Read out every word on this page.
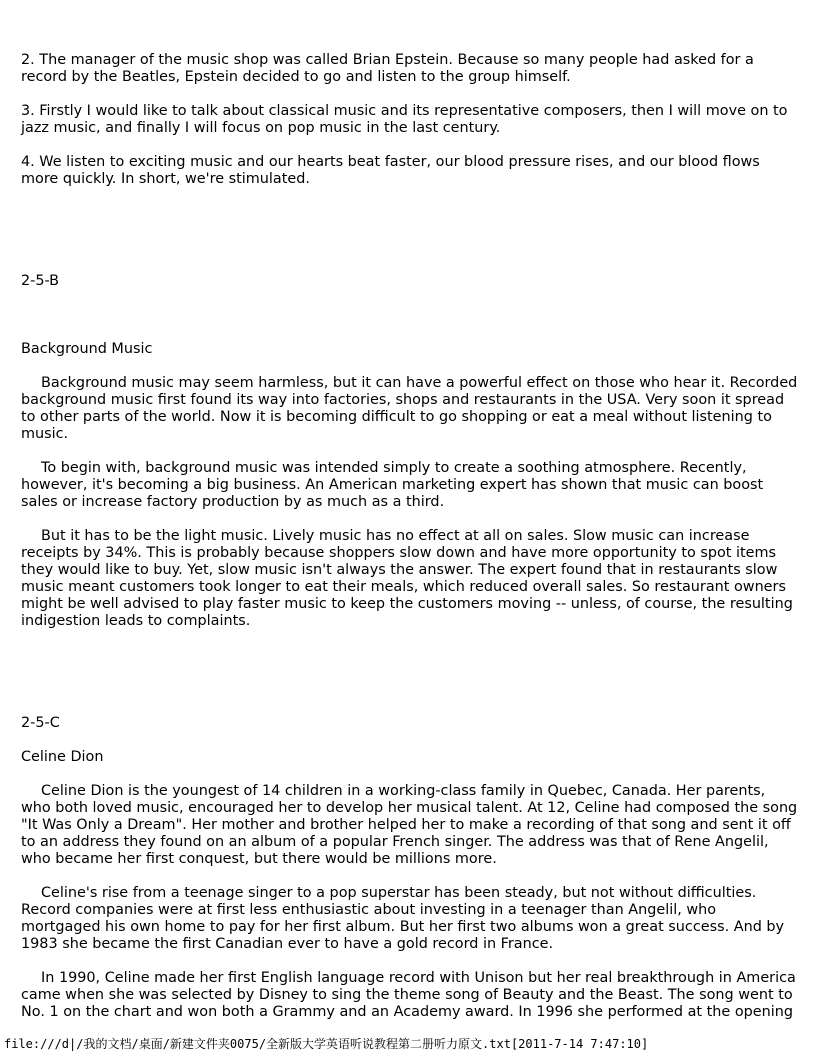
2. The manager of the music shop was called Brian Epstein. Because so many people had asked for a record by the Beatles, Epstein decided to go and listen to the group himself.

3. Firstly I would like to talk about classical music and its representative composers, then I will move on to jazz music, and finally I will focus on pop music in the last century.

4. We listen to exciting music and our hearts beat faster, our blood pressure rises, and our blood flows more quickly. In short, we're stimulated.

2-5-B

Background Music

Background music may seem harmless, but it can have a powerful effect on those who hear it. Recorded background music first found its way into factories, shops and restaurants in the USA. Very soon it spread to other parts of the world. Now it is becoming difficult to go shopping or eat a meal without listening to music.

To begin with, background music was intended simply to create a soothing atmosphere. Recently, however, it's becoming a big business. An American marketing expert has shown that music can boost sales or increase factory production by as much as a third.

But it has to be the light music. Lively music has no effect at all on sales. Slow music can increase receipts by 34%. This is probably because shoppers slow down and have more opportunity to spot items they would like to buy. Yet, slow music isn't always the answer. The expert found that in restaurants slow music meant customers took longer to eat their meals, which reduced overall sales. So restaurant owners might be well advised to play faster music to keep the customers moving -- unless, of course, the resulting indigestion leads to complaints.

2-5-C

Celine Dion

Celine Dion is the youngest of 14 children in a working-class family in Quebec, Canada. Her parents, who both loved music, encouraged her to develop her musical talent. At 12, Celine had composed the song "It Was Only a Dream". Her mother and brother helped her to make a recording of that song and sent it off to an address they found on an album of a popular French singer. The address was that of Rene Angelil, who became her first conquest, but there would be millions more.

Celine's rise from a teenage singer to a pop superstar has been steady, but not without difficulties. Record companies were at first less enthusiastic about investing in a teenager than Angelil, who mortgaged his own home to pay for her first album. But her first two albums won a great success. And by 1983 she became the first Canadian ever to have a gold record in France.

In 1990, Celine made her first English language record with Unison but her real breakthrough in America came when she was selected by Disney to sing the theme song of Beauty and the Beast. The song went to No. 1 on the chart and won both a Grammy and an Academy award. In 1996 she performed at the opening

file:///d|/我的文档/桌面/新建文件夹0075/全新版大学英语听说教程第二册听力原文.txt[2011-7-14 7:47:10]
